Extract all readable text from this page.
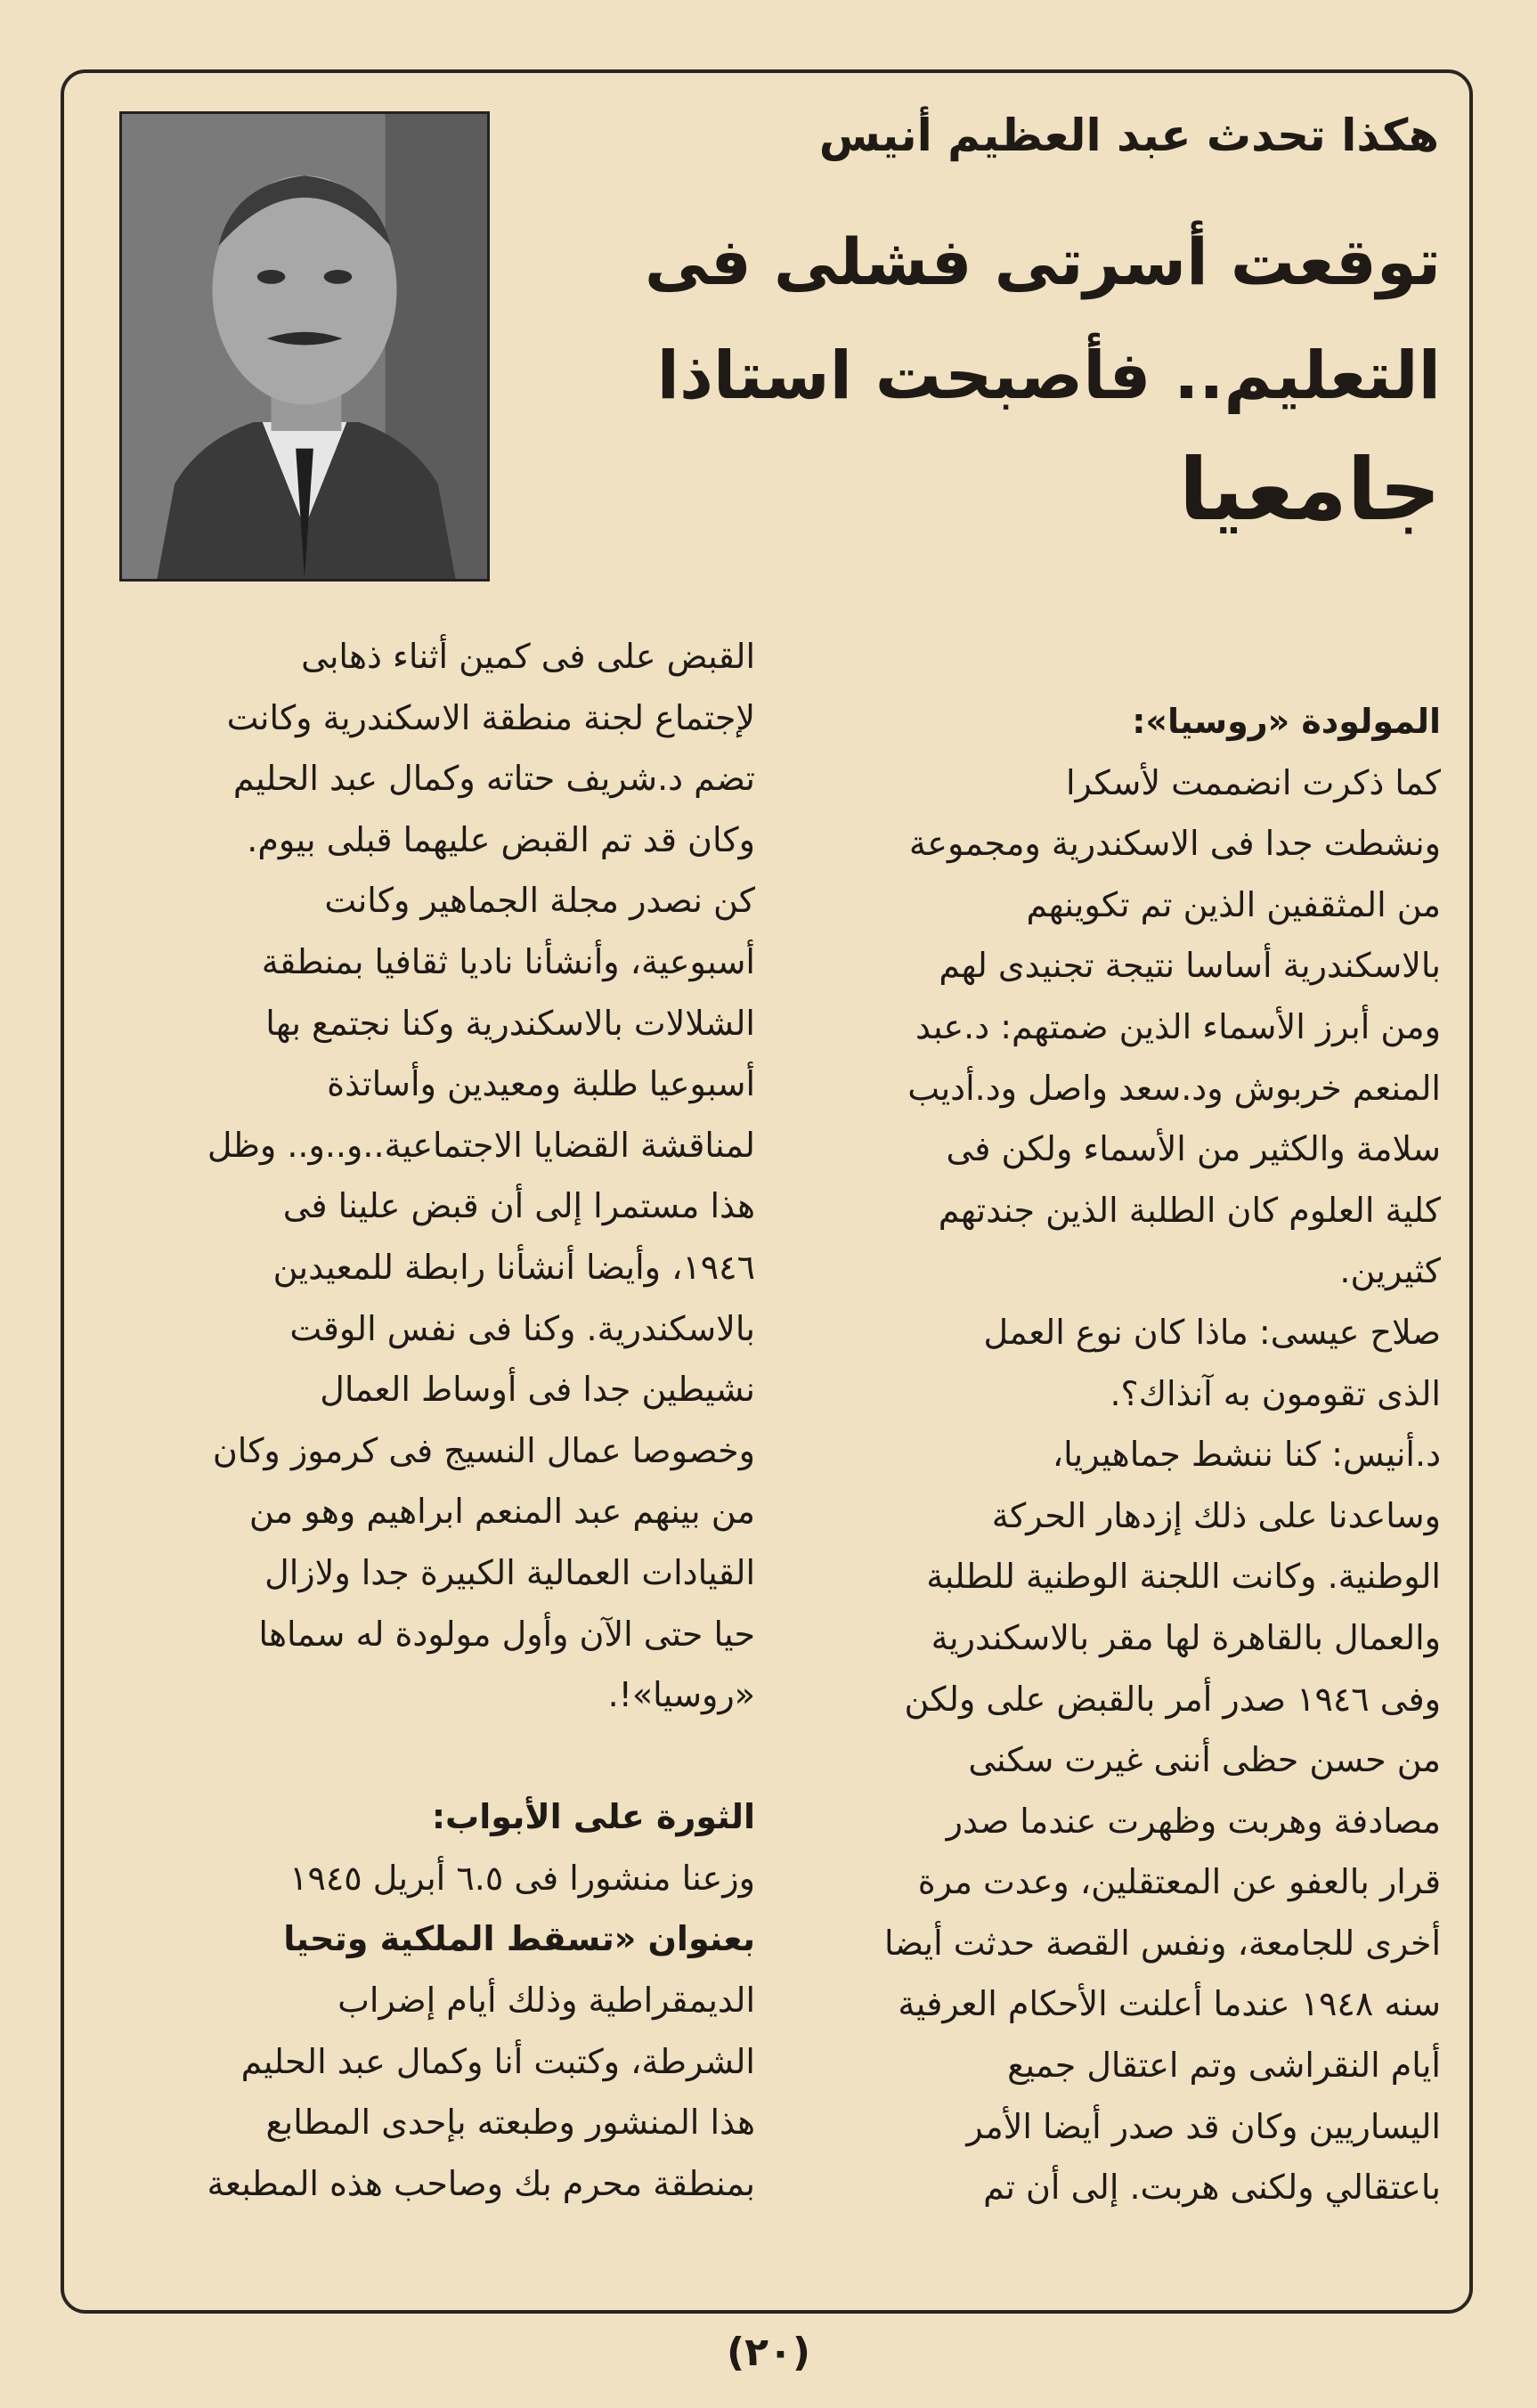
هكذا تحدث عبد العظيم أنيس
توقعت أسرتى فشلى فى
التعليم.. فأصبحت استاذا
جامعيا
المولودة «روسيا»:
كما ذكرت انضممت لأسكرا
ونشطت جدا فى الاسكندرية ومجموعة
من المثقفين الذين تم تكوينهم
بالاسكندرية أساسا نتيجة تجنيدى لهم
ومن أبرز الأسماء الذين ضمتهم: د.عبد
المنعم خربوش ود.سعد واصل ود.أديب
سلامة والكثير من الأسماء ولكن فى
كلية العلوم كان الطلبة الذين جندتهم
كثيرين.
صلاح عيسى: ماذا كان نوع العمل
الذى تقومون به آنذاك؟.
د.أنيس: كنا ننشط جماهيريا،
وساعدنا على ذلك إزدهار الحركة
الوطنية. وكانت اللجنة الوطنية للطلبة
والعمال بالقاهرة لها مقر بالاسكندرية
وفى ١٩٤٦ صدر أمر بالقبض على ولكن
من حسن حظى أننى غيرت سكنى
مصادفة وهربت وظهرت عندما صدر
قرار بالعفو عن المعتقلين، وعدت مرة
أخرى للجامعة، ونفس القصة حدثت أيضا
سنه ١٩٤٨ عندما أعلنت الأحكام العرفية
أيام النقراشى وتم اعتقال جميع
اليساريين وكان قد صدر أيضا الأمر
باعتقالي ولكنى هربت. إلى أن تم
القبض على فى كمين أثناء ذهابى
لإجتماع لجنة منطقة الاسكندرية وكانت
تضم د.شريف حتاته وكمال عبد الحليم
وكان قد تم القبض عليهما قبلى بيوم.
كن نصدر مجلة الجماهير وكانت
أسبوعية، وأنشأنا ناديا ثقافيا بمنطقة
الشلالات بالاسكندرية وكنا نجتمع بها
أسبوعيا طلبة ومعيدين وأساتذة
لمناقشة القضايا الاجتماعية..و..و.. وظل
هذا مستمرا إلى أن قبض علينا فى
١٩٤٦، وأيضا أنشأنا رابطة للمعيدين
بالاسكندرية. وكنا فى نفس الوقت
نشيطين جدا فى أوساط العمال
وخصوصا عمال النسيج فى كرموز وكان
من بينهم عبد المنعم ابراهيم وهو من
القيادات العمالية الكبيرة جدا ولازال
حيا حتى الآن وأول مولودة له سماها
«روسيا»!.
الثورة على الأبواب:
وزعنا منشورا فى ٦.٥ أبريل ١٩٤٥
بعنوان «تسقط الملكية وتحيا
الديمقراطية وذلك أيام إضراب
الشرطة، وكتبت أنا وكمال عبد الحليم
هذا المنشور وطبعته بإحدى المطابع
بمنطقة محرم بك وصاحب هذه المطبعة
(٢٠)
